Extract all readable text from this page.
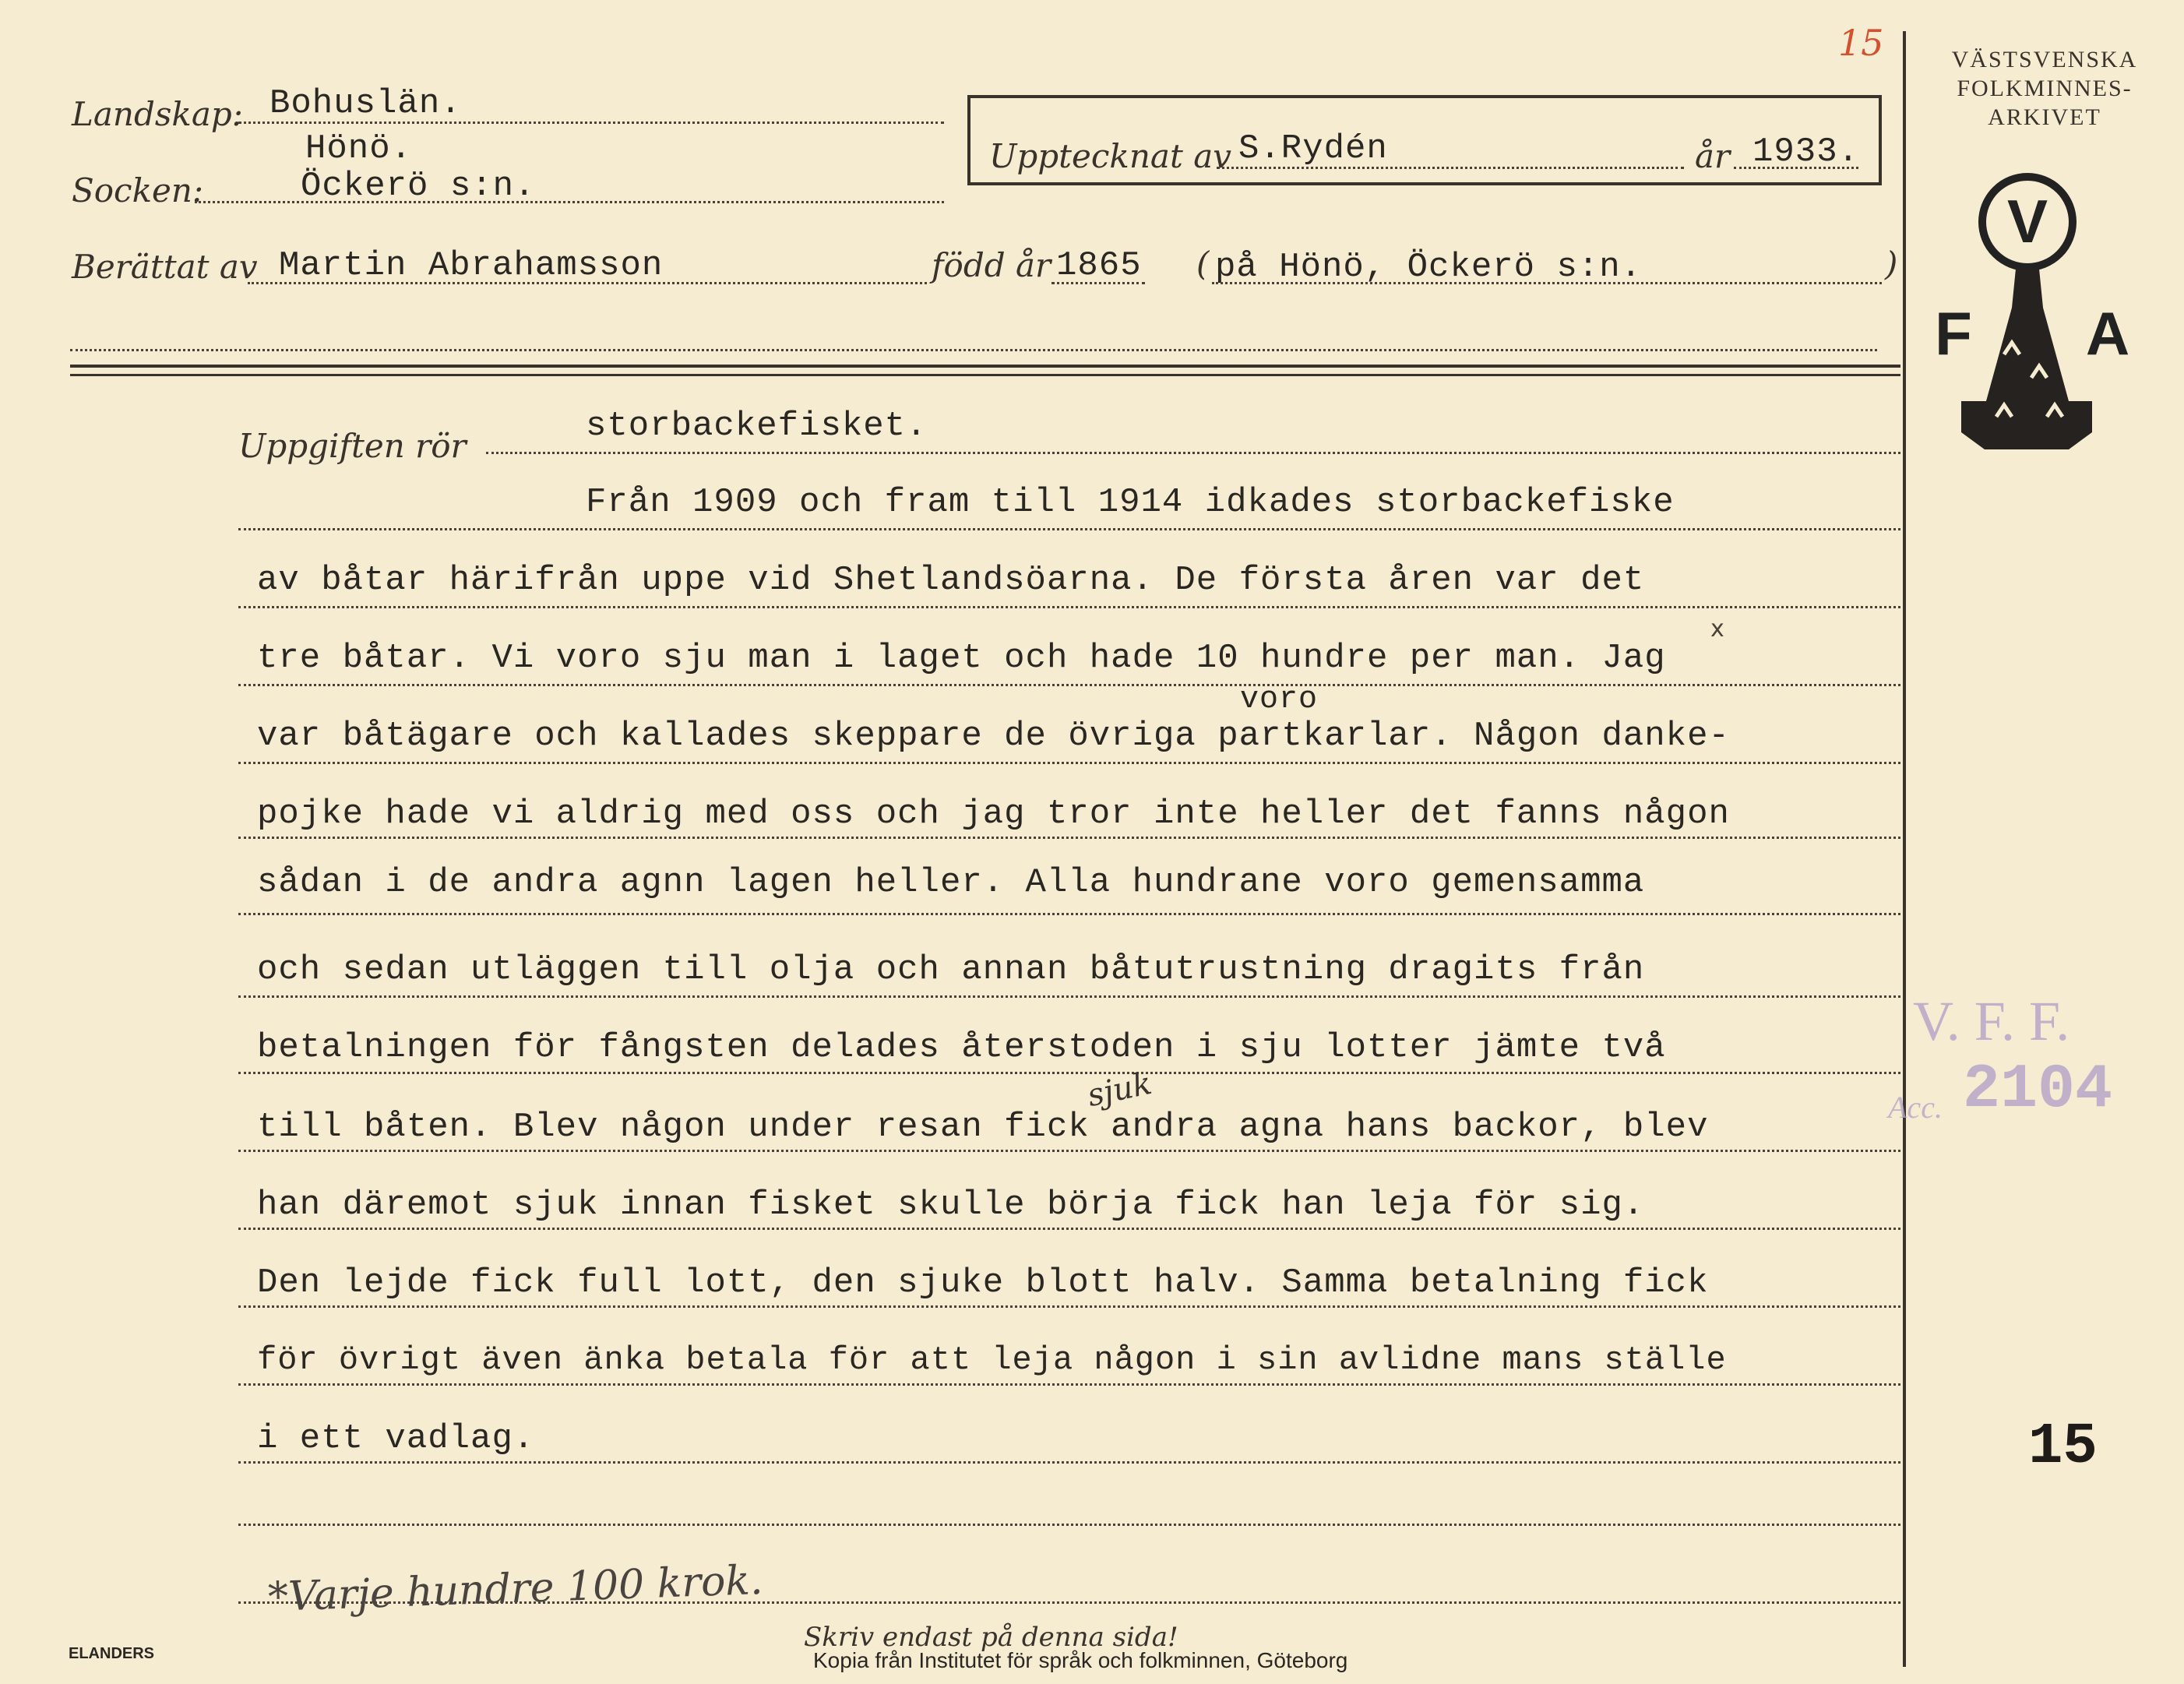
15	VÄSTSVENSKA
FOLKMINNES-
ARKIVET
V
F A
Landskap: Bohuslän.
Hönö.
Socken:	Öckerö s:n.
Upptecknat av S.Rydén	år 1933.
Berättat av Martin Abrahamsson	född år 1865 ( på Hönö, Öckerö s:n.	)
Uppgiften rör
storbackefisket.
Från 1909 och fram till 1914 idkades storbackefiske
av båtar härifrån uppe vid Shetlandsöarna. De första åren var det
tre båtar. Vi voro sju man i laget och hade 10 hundre per man. Jag
x
voro
var båtägare och kallades skeppare de övriga partkarlar. Någon danke-
pojke hade vi aldrig med oss och jag tror inte heller det fanns någon
sådan i de andra agnn lagen heller. Alla hundrane voro gemensamma
och sedan utläggen till olja och annan båtutrustning dragits från
betalningen för fångsten delades återstoden i sju lotter jämte två
sjuk
till båten. Blev någon under resan fick andra agna hans backor, blev
han däremot sjuk innan fisket skulle börja fick han leja för sig.
Den lejde fick full lott, den sjuke blott halv. Samma betalning fick
för övrigt även änka betala för att leja någon i sin avlidne mans ställe
i ett vadlag.	15
V. F. F.
Acc. 2104
*Varje hundre 100 krok.
Skriv endast på denna sida!
Kopia från Institutet för språk och folkminnen, Göteborg
ELANDERS
